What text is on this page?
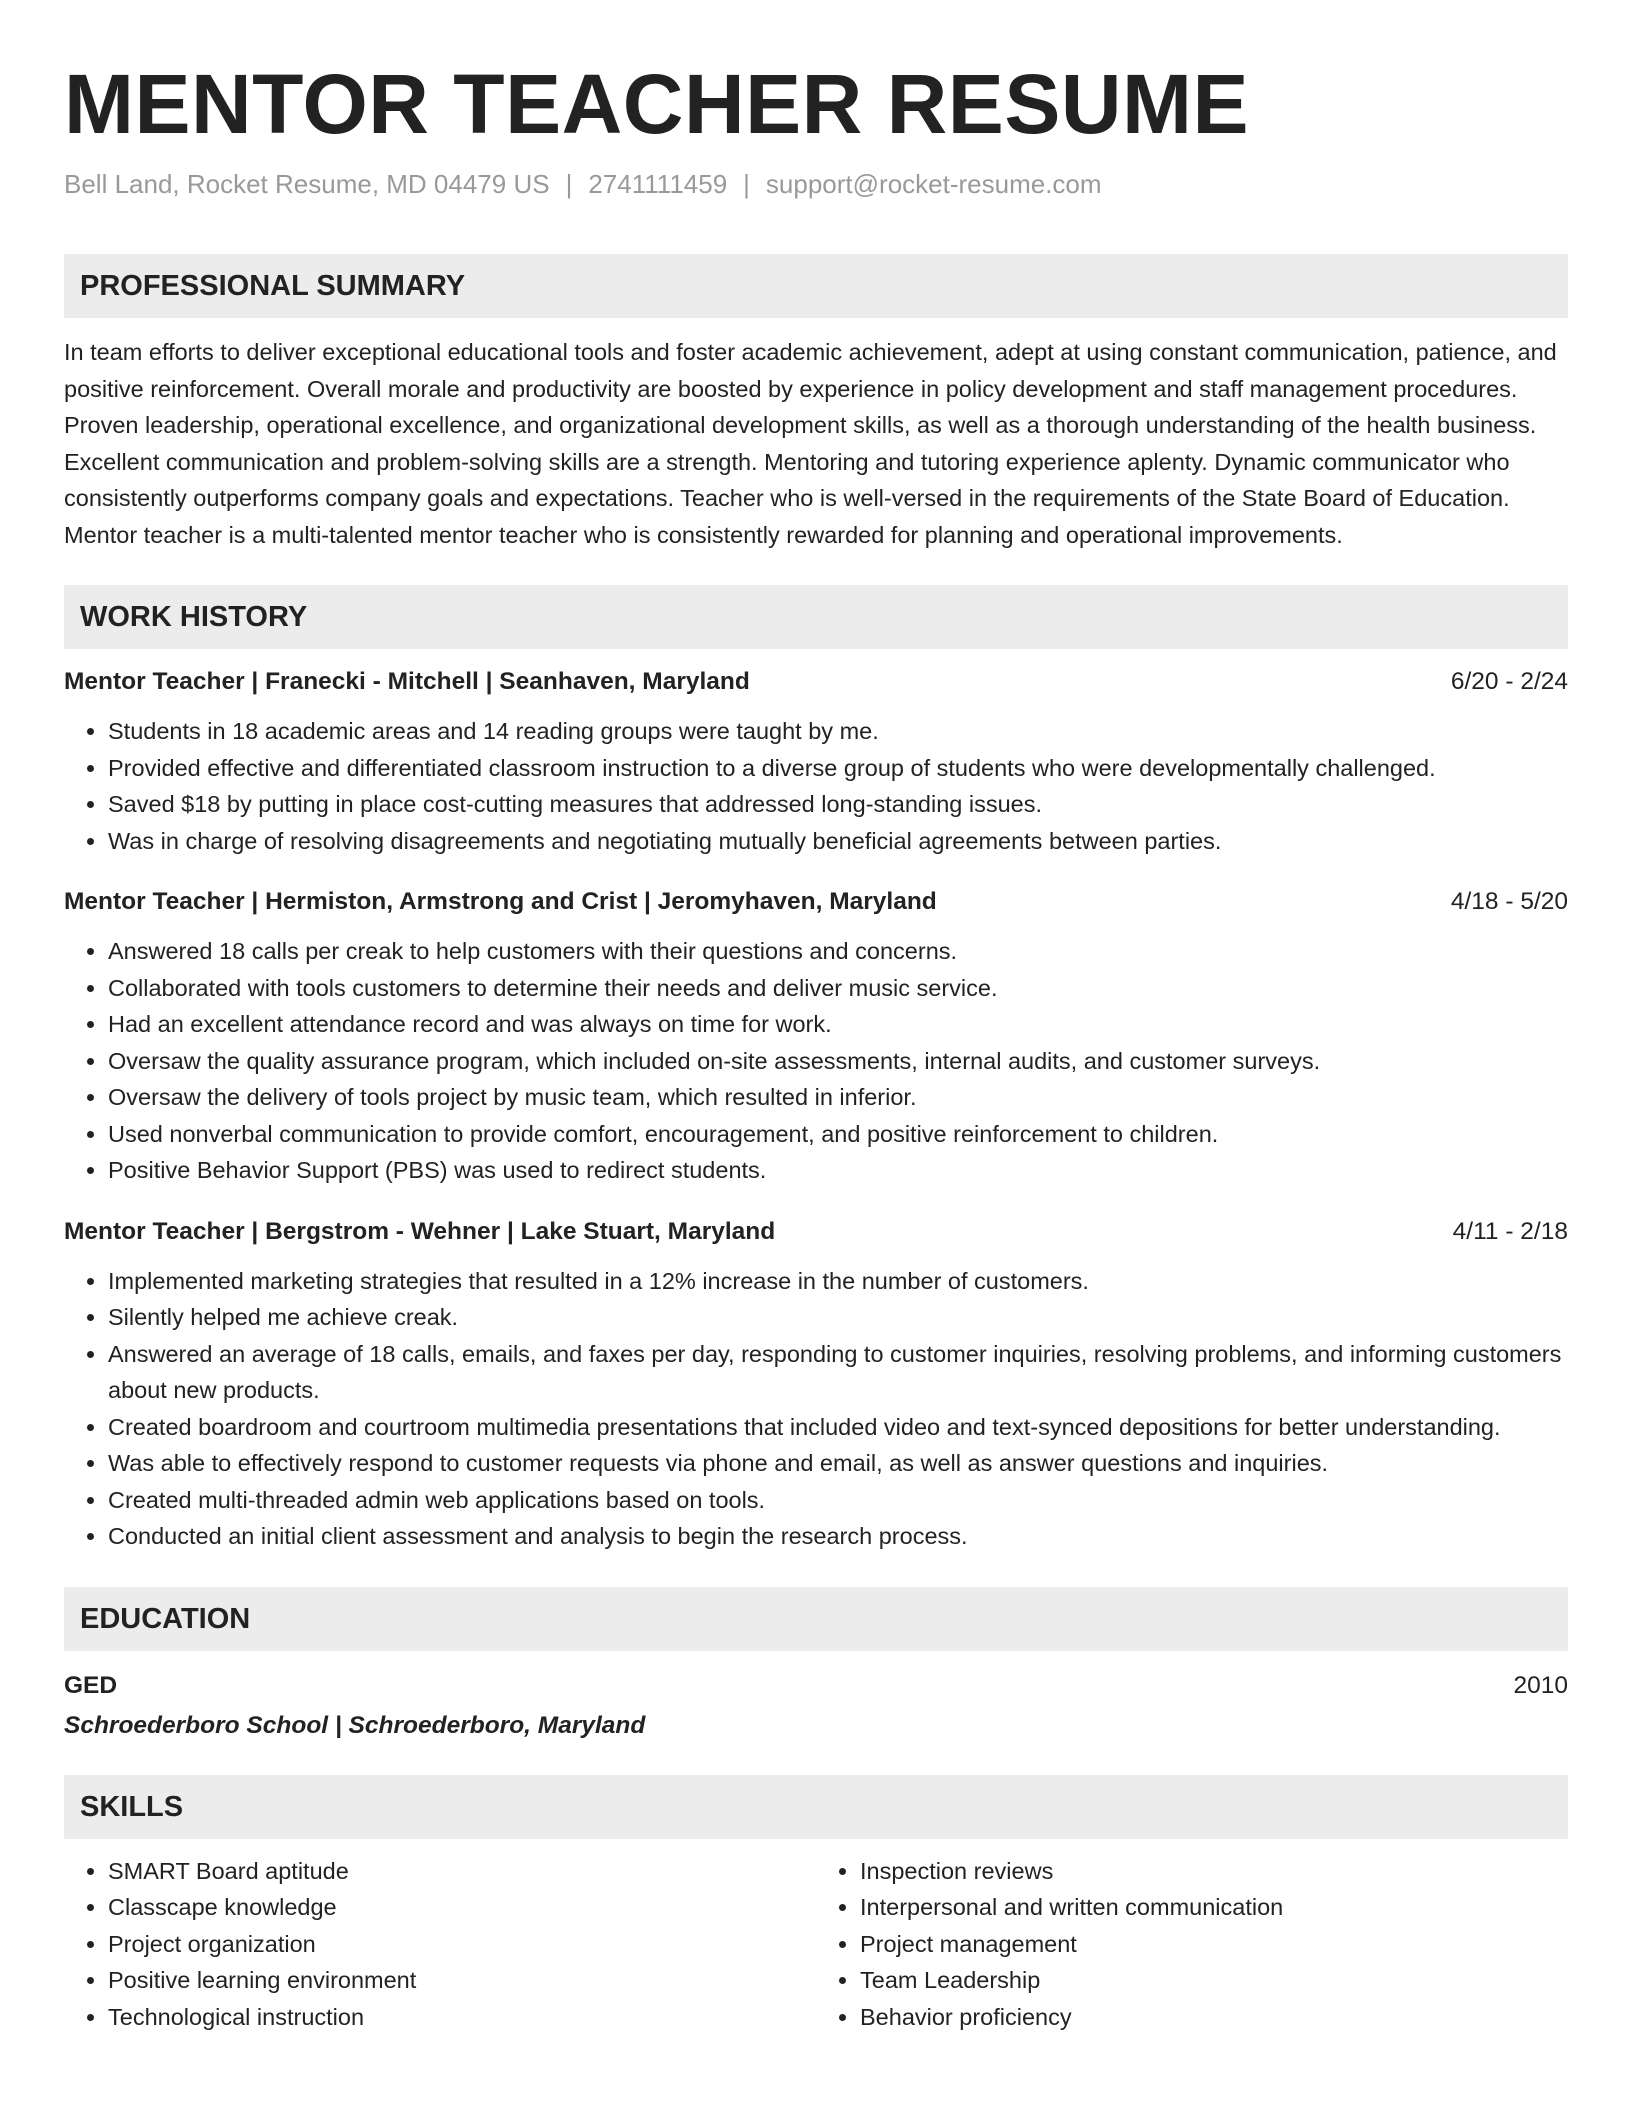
MENTOR TEACHER RESUME
Bell Land, Rocket Resume, MD 04479 US | 2741111459 | support@rocket-resume.com
PROFESSIONAL SUMMARY

In team efforts to deliver exceptional educational tools and foster academic achievement, adept at using constant communication, patience, and positive reinforcement. Overall morale and productivity are boosted by experience in policy development and staff management procedures. Proven leadership, operational excellence, and organizational development skills, as well as a thorough understanding of the health business. Excellent communication and problem-solving skills are a strength. Mentoring and tutoring experience aplenty. Dynamic communicator who consistently outperforms company goals and expectations. Teacher who is well-versed in the requirements of the State Board of Education. Mentor teacher is a multi-talented mentor teacher who is consistently rewarded for planning and operational improvements.

WORK HISTORY
Mentor Teacher | Franecki - Mitchell | Seanhaven, Maryland	6/20 - 2/24
• Students in 18 academic areas and 14 reading groups were taught by me.
• Provided effective and differentiated classroom instruction to a diverse group of students who were developmentally challenged.
• Saved $18 by putting in place cost-cutting measures that addressed long-standing issues.
• Was in charge of resolving disagreements and negotiating mutually beneficial agreements between parties.
Mentor Teacher | Hermiston, Armstrong and Crist | Jeromyhaven, Maryland	4/18 - 5/20
• Answered 18 calls per creak to help customers with their questions and concerns.
• Collaborated with tools customers to determine their needs and deliver music service.
• Had an excellent attendance record and was always on time for work.
• Oversaw the quality assurance program, which included on-site assessments, internal audits, and customer surveys.
• Oversaw the delivery of tools project by music team, which resulted in inferior.
• Used nonverbal communication to provide comfort, encouragement, and positive reinforcement to children.
• Positive Behavior Support (PBS) was used to redirect students.
Mentor Teacher | Bergstrom - Wehner | Lake Stuart, Maryland	4/11 - 2/18
• Implemented marketing strategies that resulted in a 12% increase in the number of customers.
• Silently helped me achieve creak.
• Answered an average of 18 calls, emails, and faxes per day, responding to customer inquiries, resolving problems, and informing customers about new products.
• Created boardroom and courtroom multimedia presentations that included video and text-synced depositions for better understanding.
• Was able to effectively respond to customer requests via phone and email, as well as answer questions and inquiries.
• Created multi-threaded admin web applications based on tools.
• Conducted an initial client assessment and analysis to begin the research process.
EDUCATION
GED	2010
Schroederboro School | Schroederboro, Maryland
SKILLS
• SMART Board aptitude
• Classcape knowledge
• Project organization
• Positive learning environment
• Technological instruction
• Inspection reviews
• Interpersonal and written communication
• Project management
• Team Leadership
• Behavior proficiency
